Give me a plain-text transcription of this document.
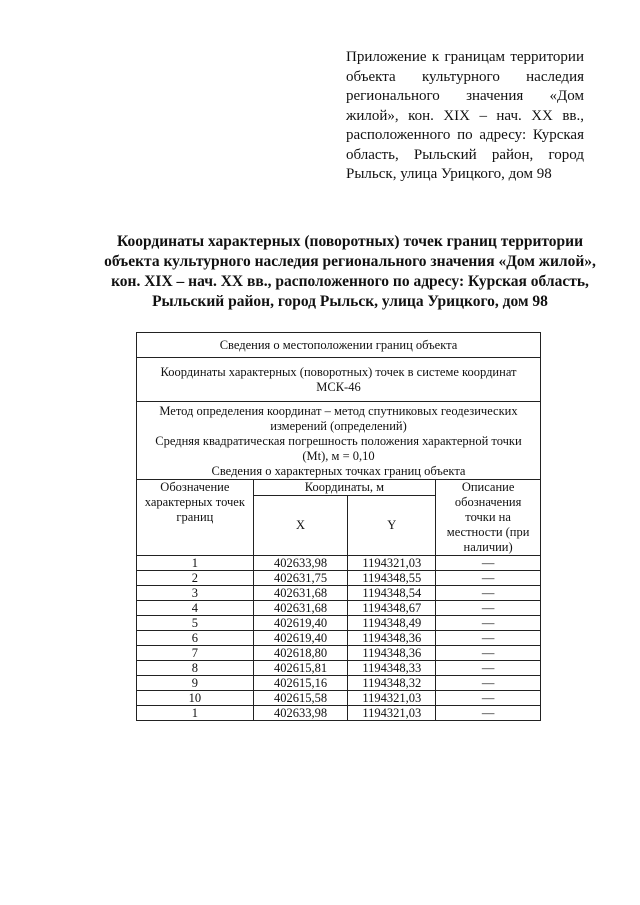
Приложение к границам территории
объекта культурного наследия
регионального значения «Дом
жилой», кон. XIX – нач. XX вв.,
расположенного по адресу: Курская
область, Рыльский район, город
Рыльск, улица Урицкого, дом 98
Координаты характерных (поворотных) точек границ территории
объекта культурного наследия регионального значения «Дом жилой»,
кон. XIX – нач. XX вв., расположенного по адресу: Курская область,
Рыльский район, город Рыльск, улица Урицкого, дом 98
Сведения о местоположении границ объекта			
Координаты характерных (поворотных) точек в системе координат МСК-46			

Метод определения координат – метод спутниковых геодезических
измерений (определений)
Средняя квадратическая погрешность положения характерной точки
(Mt), м = 0,10
Сведения о характерных точках границ объекта			

Обозначение характерных точек границ	Координаты, м		Описание обозначения точки на местности (при наличии)
	X	Y	
1	402633,98	1194321,03	—
2	402631,75	1194348,55	—
3	402631,68	1194348,54	—
4	402631,68	1194348,67	—
5	402619,40	1194348,49	—
6	402619,40	1194348,36	—
7	402618,80	1194348,36	—
8	402615,81	1194348,33	—
9	402615,16	1194348,32	—
10	402615,58	1194321,03	—
1	402633,98	1194321,03	—
